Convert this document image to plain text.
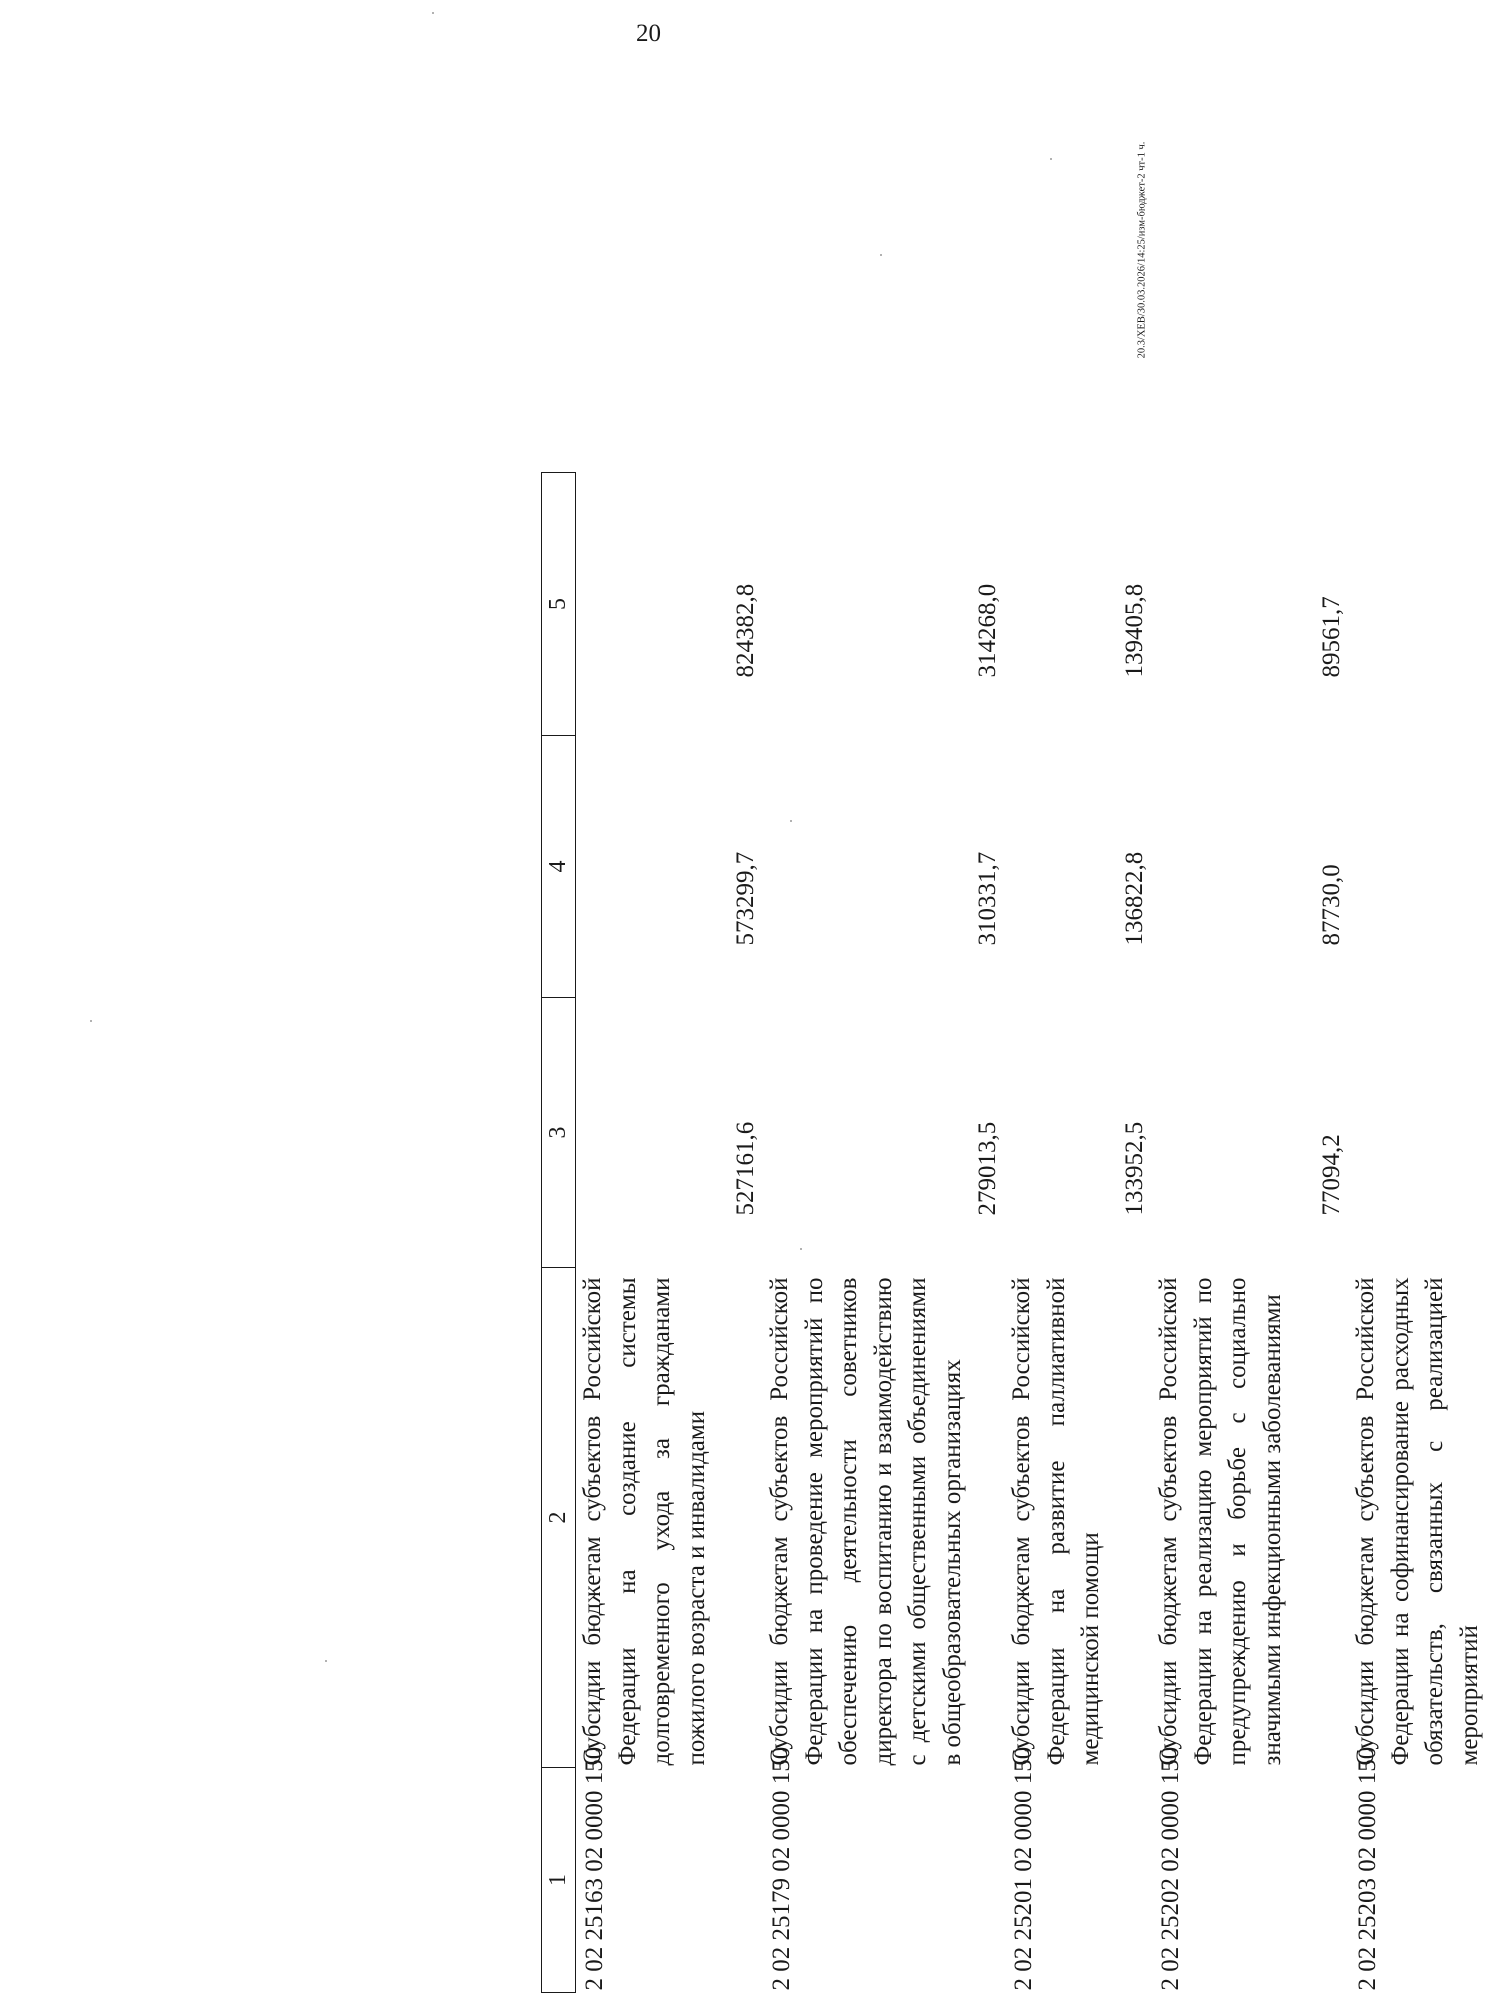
20
20.3/ХЕВ/30.03.2026/14:25/изм-бюджет-2 чт-1 ч.
1	2	3	4	5
2 02 25163 02 0000 150	Субсидии бюджетам субъектов Российской Федерации на создание системы долговременного ухода за гражданами пожилого возраста и инвалидами	527161,6	573299,7	824382,8

2 02 25179 02 0000 150	Субсидии бюджетам субъектов Российской Федерации на проведение мероприятий по обеспечению деятельности советников директора по воспитанию и взаимодействию с детскими общественными объединениями в общеобразовательных организациях	279013,5	310331,7	314268,0

2 02 25201 02 0000 150	Субсидии бюджетам субъектов Российской Федерации на развитие паллиативной медицинской помощи	133952,5	136822,8	139405,8

2 02 25202 02 0000 150	Субсидии бюджетам субъектов Российской Федерации на реализацию мероприятий по предупреждению и борьбе с социально значимыми инфекционными заболеваниями	77094,2	87730,0	89561,7

2 02 25203 02 0000 150	Субсидии бюджетам субъектов Российской Федерации на софинансирование расходных обязательств, связанных с реализацией мероприятий	
